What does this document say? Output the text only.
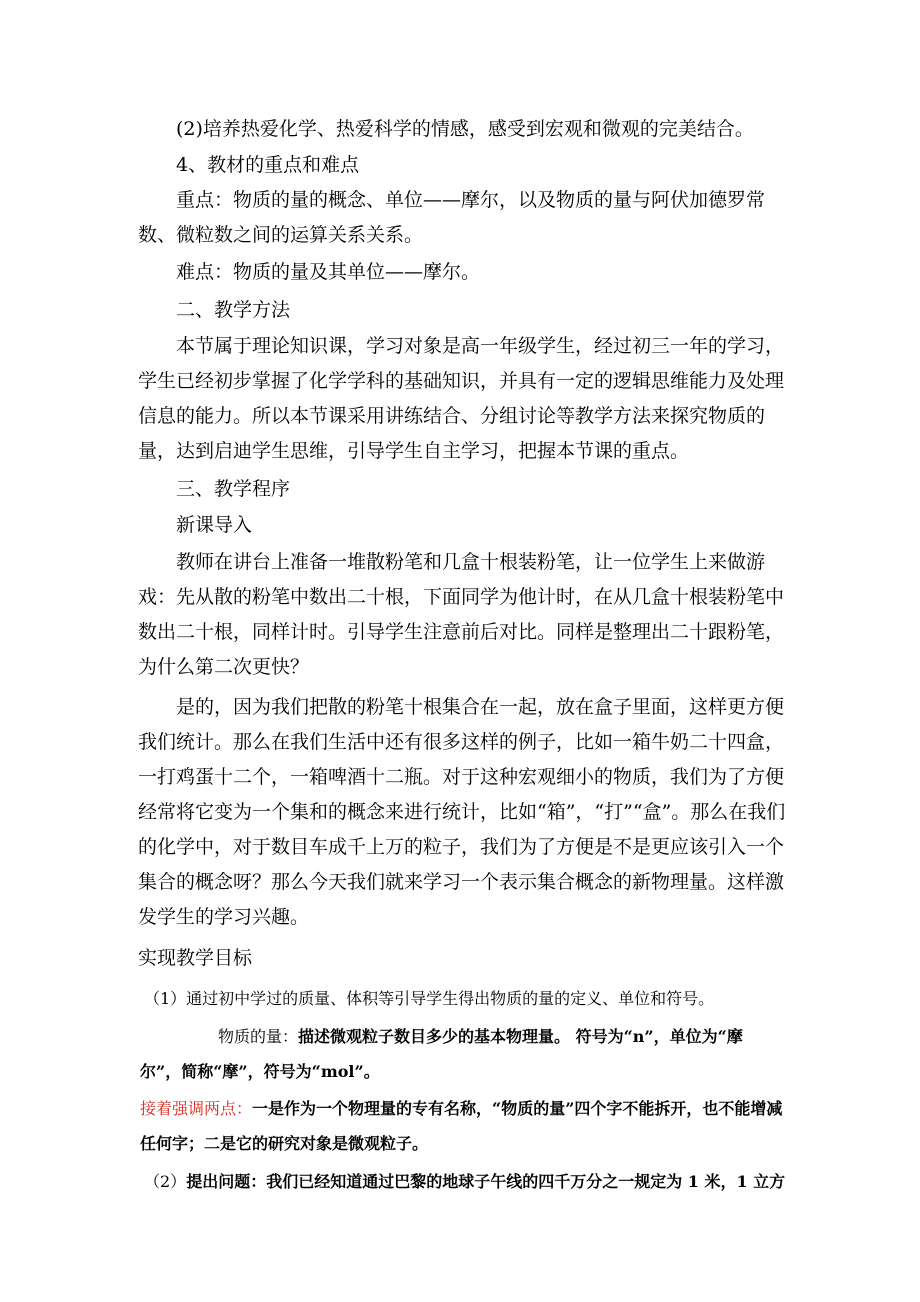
(2)培养热爱化学、热爱科学的情感，感受到宏观和微观的完美结合。

4、教材的重点和难点

重点：物质的量的概念、单位——摩尔，以及物质的量与阿伏加德罗常数、微粒数之间的运算关系关系。

难点：物质的量及其单位——摩尔。

二、教学方法

本节属于理论知识课，学习对象是高一年级学生，经过初三一年的学习，学生已经初步掌握了化学学科的基础知识，并具有一定的逻辑思维能力及处理信息的能力。所以本节课采用讲练结合、分组讨论等教学方法来探究物质的量，达到启迪学生思维，引导学生自主学习，把握本节课的重点。

三、教学程序

新课导入

教师在讲台上准备一堆散粉笔和几盒十根装粉笔，让一位学生上来做游戏：先从散的粉笔中数出二十根，下面同学为他计时，在从几盒十根装粉笔中数出二十根，同样计时。引导学生注意前后对比。同样是整理出二十跟粉笔，为什么第二次更快？

是的，因为我们把散的粉笔十根集合在一起，放在盒子里面，这样更方便我们统计。那么在我们生活中还有很多这样的例子，比如一箱牛奶二十四盒，一打鸡蛋十二个，一箱啤酒十二瓶。对于这种宏观细小的物质，我们为了方便经常将它变为一个集和的概念来进行统计，比如“箱”，“打”“盒”。那么在我们的化学中，对于数目车成千上万的粒子，我们为了方便是不是更应该引入一个集合的概念呀？那么今天我们就来学习一个表示集合概念的新物理量。这样激发学生的学习兴趣。

实现教学目标

（1）通过初中学过的质量、体积等引导学生得出物质的量的定义、单位和符号。

物质的量：描述微观粒子数目多少的基本物理量。 符号为“n”，单位为“摩
尔”，简称“摩”，符号为“mol”。

接着强调两点：一是作为一个物理量的专有名称，“物质的量”四个字不能拆开，也不能增减任何字；二是它的研究对象是微观粒子。

（2）提出问题：我们已经知道通过巴黎的地球子午线的四千万分之一规定为 1 米，1 立方
